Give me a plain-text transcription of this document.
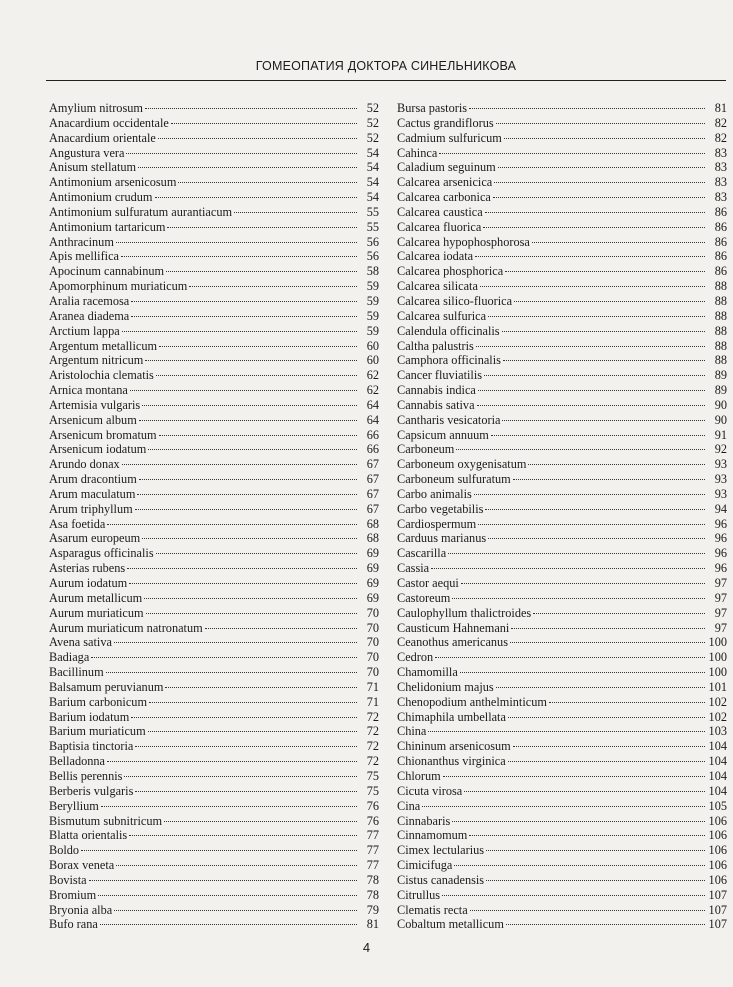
ГОМЕОПАТИЯ ДОКТОРА СИНЕЛЬНИКОВА
Amylium nitrosum	52
Anacardium occidentale	52
Anacardium orientale	52
Angustura vera	54
Anisum stellatum	54
Antimonium arsenicosum	54
Antimonium crudum	54
Antimonium sulfuratum aurantiacum	55
Antimonium tartaricum	55
Anthracinum	56
Apis mellifica	56
Apocinum cannabinum	58
Apomorphinum muriaticum	59
Aralia racemosa	59
Aranea diadema	59
Arctium lappa	59
Argentum metallicum	60
Argentum nitricum	60
Aristolochia clematis	62
Arnica montana	62
Artemisia vulgaris	64
Arsenicum album	64
Arsenicum bromatum	66
Arsenicum iodatum	66
Arundo donax	67
Arum dracontium	67
Arum maculatum	67
Arum triphyllum	67
Asa foetida	68
Asarum europeum	68
Asparagus officinalis	69
Asterias rubens	69
Aurum iodatum	69
Aurum metallicum	69
Aurum muriaticum	70
Aurum muriaticum natronatum	70
Avena sativa	70
Badiaga	70
Bacillinum	70
Balsamum peruvianum	71
Barium carbonicum	71
Barium iodatum	72
Barium muriaticum	72
Baptisia tinctoria	72
Belladonna	72
Bellis perennis	75
Berberis vulgaris	75
Beryllium	76
Bismutum subnitricum	76
Blatta orientalis	77
Boldo	77
Borax veneta	77
Bovista	78
Bromium	78
Bryonia alba	79
Bufo rana	81
Bursa pastoris	81
Cactus grandiflorus	82
Cadmium sulfuricum	82
Cahinca	83
Caladium seguinum	83
Calcarea arsenicica	83
Calcarea carbonica	83
Calcarea caustica	86
Calcarea fluorica	86
Calcarea hypophosphorosa	86
Calcarea iodata	86
Calcarea phosphorica	86
Calcarea silicata	88
Calcarea silico-fluorica	88
Calcarea sulfurica	88
Calendula officinalis	88
Caltha palustris	88
Camphora officinalis	88
Cancer fluviatilis	89
Cannabis indica	89
Cannabis sativa	90
Cantharis vesicatoria	90
Capsicum annuum	91
Carboneum	92
Carboneum oxygenisatum	93
Carboneum sulfuratum	93
Carbo animalis	93
Carbo vegetabilis	94
Cardiospermum	96
Carduus marianus	96
Cascarilla	96
Cassia	96
Castor aequi	97
Castoreum	97
Caulophyllum thalictroides	97
Causticum Hahnemani	97
Ceanothus americanus	100
Cedron	100
Chamomilla	100
Chelidonium majus	101
Chenopodium anthelminticum	102
Chimaphila umbellata	102
China	103
Chininum arsenicosum	104
Chionanthus virginica	104
Chlorum	104
Cicuta virosa	104
Cina	105
Cinnabaris	106
Cinnamomum	106
Cimex lectularius	106
Cimicifuga	106
Cistus canadensis	106
Citrullus	107
Clematis recta	107
Cobaltum metallicum	107
4
